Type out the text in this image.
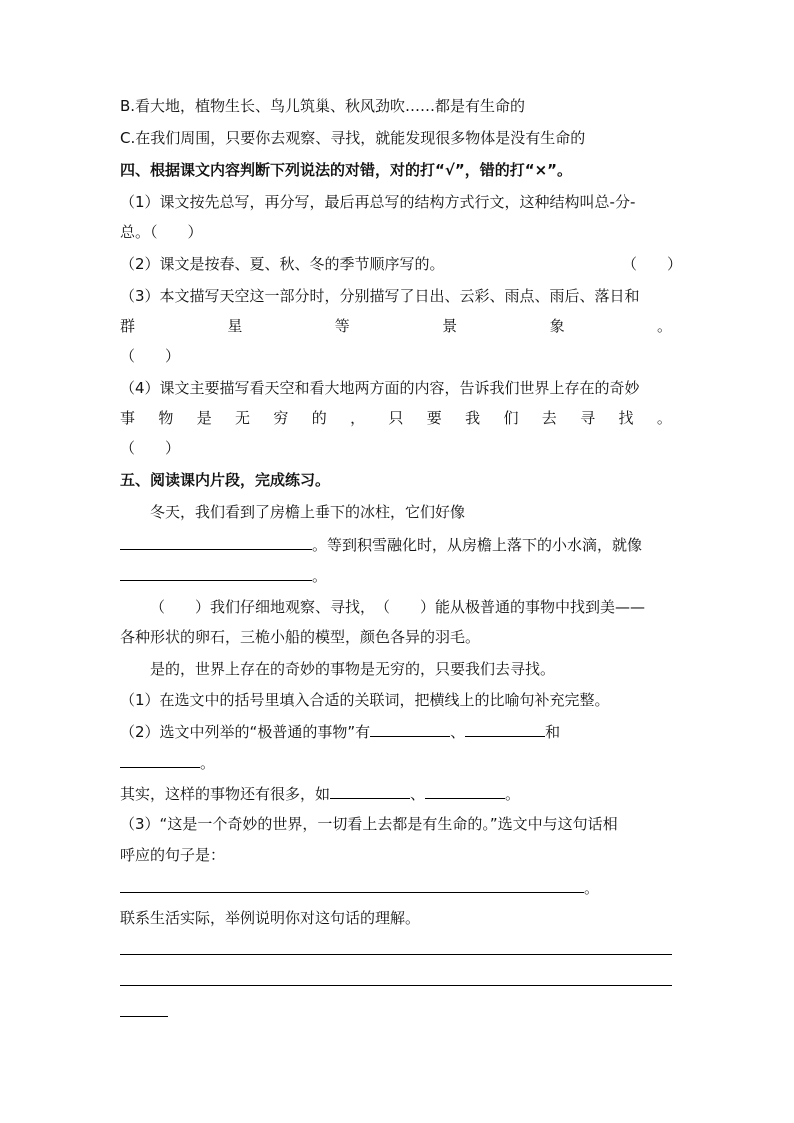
B.看大地，植物生长、鸟儿筑巢、秋风劲吹……都是有生命的
C.在我们周围，只要你去观察、寻找，就能发现很多物体是没有生命的
四、根据课文内容判断下列说法的对错，对的打“√”，错的打“×”。
（1）课文按先总写，再分写，最后再总写的结构方式行文，这种结构叫总-分-
总。（　　）
（2）课文是按春、夏、秋、冬的季节顺序写的。	（　　）
（3）本文描写天空这一部分时，分别描写了日出、云彩、雨点、雨后、落日和
群	星	等	景	象	。
（　　）
（4）课文主要描写看天空和看大地两方面的内容，告诉我们世界上存在的奇妙
事 物 是 无 穷 的 ， 只 要 我 们 去 寻 找 。
（　　）
五、阅读课内片段，完成练习。
冬天，我们看到了房檐上垂下的冰柱，它们好像
。等到积雪融化时，从房檐上落下的小水滴，就像
。
（　　）我们仔细地观察、寻找，（　　）能从极普通的事物中找到美——
各种形状的卵石，三桅小船的模型，颜色各异的羽毛。
是的，世界上存在的奇妙的事物是无穷的，只要我们去寻找。
（1）在选文中的括号里填入合适的关联词，把横线上的比喻句补充完整。
（2）选文中列举的“极普通的事物”有	、	和
。
其实，这样的事物还有很多，如	、	。
（3）“这是一个奇妙的世界，一切看上去都是有生命的。”选文中与这句话相
呼应的句子是：
。
联系生活实际，举例说明你对这句话的理解。
